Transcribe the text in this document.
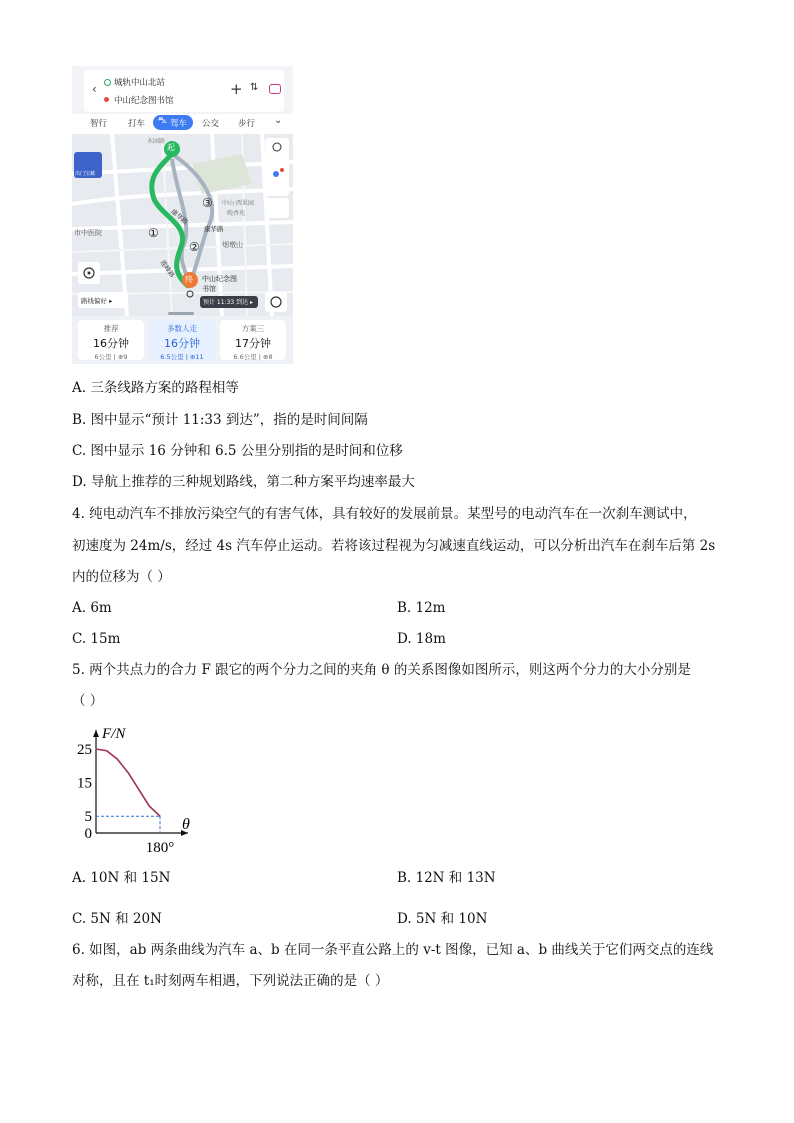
‹ 城轨中山北站
中山纪念图书馆
+ ⇅
智行 打车 ⛍ 驾车 公交 步行 ⌄
起
终 中山纪念图
书馆
预计 11:33 到达 ▸
康华路
康华路
莲峰路
市中医院
烟墩山
中山·西果园
晚香苑
木园路
①
②
③
路线偏好 ▸
出门宝藏
推荐
16分钟
6公里 | ⊕9
多数人走
16分钟
6.5公里 | ⊕11
方案三
17分钟
6.6公里 | ⊕8
A. 三条线路方案的路程相等
B. 图中显示“预计 11:33 到达”，指的是时间间隔
C. 图中显示 16 分钟和 6.5 公里分别指的是时间和位移
D. 导航上推荐的三种规划路线，第二种方案平均速率最大
4. 纯电动汽车不排放污染空气的有害气体，具有较好的发展前景。某型号的电动汽车在一次刹车测试中，
初速度为 24m/s，经过 4s 汽车停止运动。若将该过程视为匀减速直线运动，可以分析出汽车在刹车后第 2s
内的位移为（ ）
A. 6m	B. 12m
C. 15m	D. 18m
5. 两个共点力的合力 F 跟它的两个分力之间的夹角 θ 的关系图像如图所示，则这两个分力的大小分别是
（ ）
0
5
15
25
180°
F/N
θ
A. 10N 和 15N	B. 12N 和 13N
C. 5N 和 20N	D. 5N 和 10N
6. 如图，ab 两条曲线为汽车 a、b 在同一条平直公路上的 v-t 图像，已知 a、b 曲线关于它们两交点的连线
对称，且在 t₁时刻两车相遇，下列说法正确的是（ ）
